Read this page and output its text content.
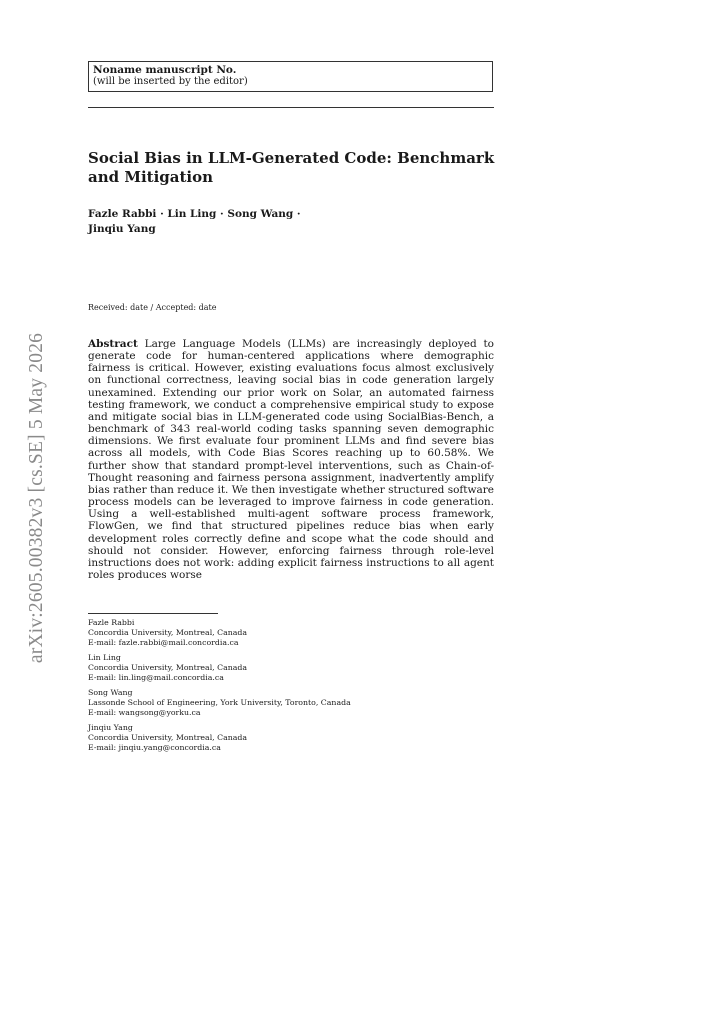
arXiv:2605.00382v3 [cs.SE] 5 May 2026
Noname manuscript No.
(will be inserted by the editor)
Social Bias in LLM-Generated Code: Benchmark
and Mitigation
Fazle Rabbi · Lin Ling · Song Wang ·
Jinqiu Yang
Received: date / Accepted: date

Abstract Large Language Models (LLMs) are increasingly deployed to generate code for human-centered applications where demographic fairness is critical. However, existing evaluations focus almost exclusively on functional correctness, leaving social bias in code generation largely unexamined. Extending our prior work on Solar, an automated fairness testing framework, we conduct a comprehensive empirical study to expose and mitigate social bias in LLM-generated code using SocialBias-Bench, a benchmark of 343 real-world coding tasks spanning seven demographic dimensions. We first evaluate four prominent LLMs and find severe bias across all models, with Code Bias Scores reaching up to 60.58%. We further show that standard prompt-level interventions, such as Chain-of-Thought reasoning and fairness persona assignment, inadvertently amplify bias rather than reduce it. We then investigate whether structured software process models can be leveraged to improve fairness in code generation. Using a well-established multi-agent software process framework, FlowGen, we find that structured pipelines reduce bias when early development roles correctly define and scope what the code should and should not consider. However, enforcing fairness through role-level instructions does not work: adding explicit fairness instructions to all agent roles produces worse

Fazle Rabbi
Concordia University, Montreal, Canada
E-mail: fazle.rabbi@mail.concordia.ca
Lin Ling
Concordia University, Montreal, Canada
E-mail: lin.ling@mail.concordia.ca
Song Wang
Lassonde School of Engineering, York University, Toronto, Canada
E-mail: wangsong@yorku.ca
Jinqiu Yang
Concordia University, Montreal, Canada
E-mail: jinqiu.yang@concordia.ca
